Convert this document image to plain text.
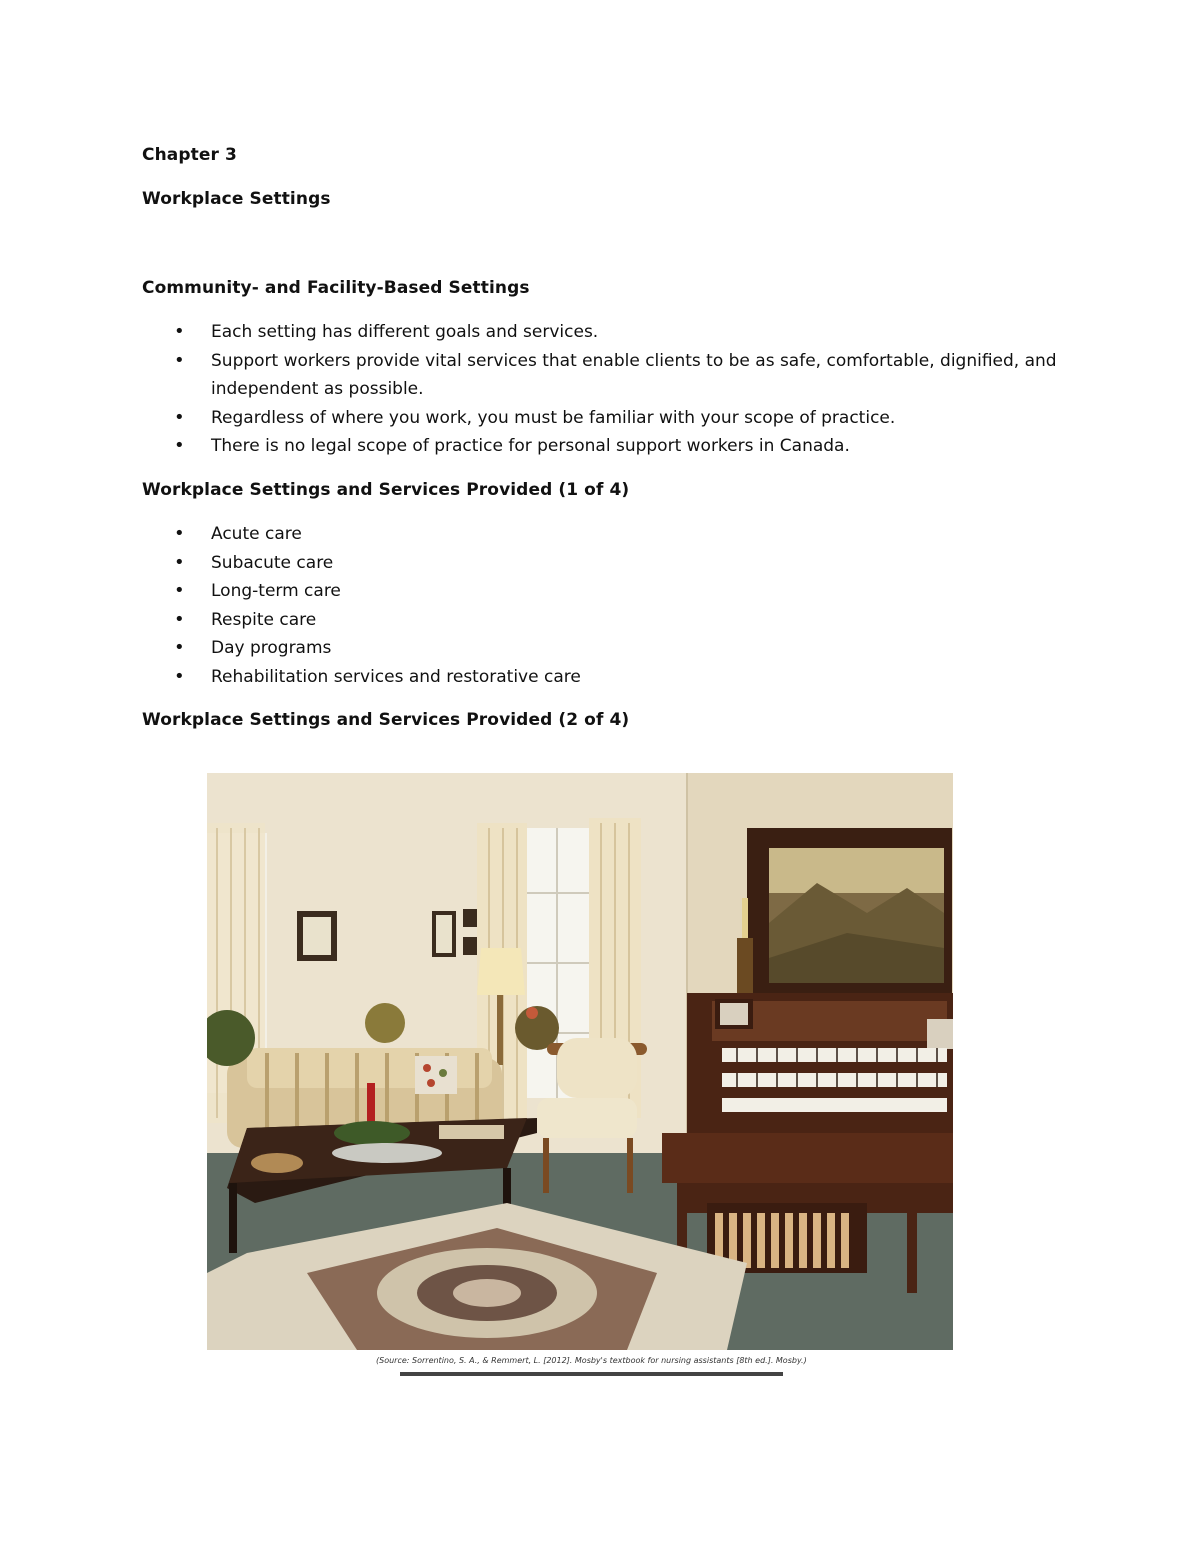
Chapter 3
Workplace Settings
Community- and Facility-Based Settings
• Each setting has different goals and services.
• Support workers provide vital services that enable clients to be as safe, comfortable, dignified, and independent as possible.
• Regardless of where you work, you must be familiar with your scope of practice.
• There is no legal scope of practice for personal support workers in Canada.
Workplace Settings and Services Provided (1 of 4)
• Acute care
• Subacute care
• Long-term care
• Respite care
• Day programs
• Rehabilitation services and restorative care
Workplace Settings and Services Provided (2 of 4)
(Source: Sorrentino, S. A., & Remmert, L. [2012]. Mosby's textbook for nursing assistants [8th ed.]. Mosby.)
